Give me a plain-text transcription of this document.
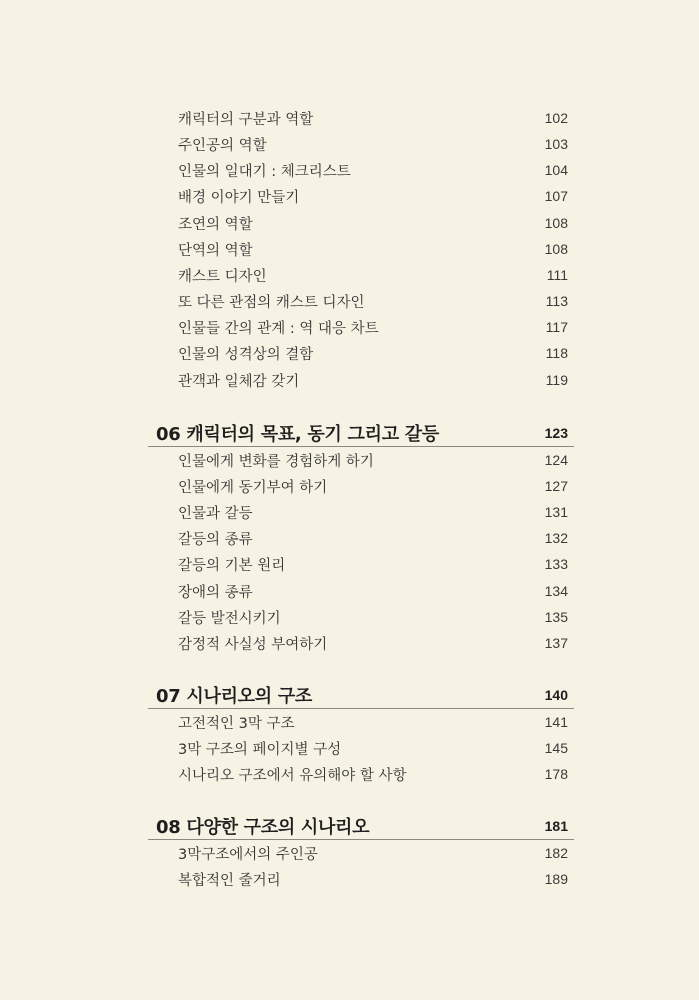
캐릭터의 구분과 역할	102
주인공의 역할	103
인물의 일대기 : 체크리스트	104
배경 이야기 만들기	107
조연의 역할	108
단역의 역할	108
캐스트 디자인	111
또 다른 관점의 캐스트 디자인	113
인물들 간의 관계 : 역 대응 차트	117
인물의 성격상의 결함	118
관객과 일체감 갖기	119
06 캐릭터의 목표, 동기 그리고 갈등	123
인물에게 변화를 경험하게 하기	124
인물에게 동기부여 하기	127
인물과 갈등	131
갈등의 종류	132
갈등의 기본 원리	133
장애의 종류	134
갈등 발전시키기	135
감정적 사실성 부여하기	137
07 시나리오의 구조	140
고전적인 3막 구조	141
3막 구조의 페이지별 구성	145
시나리오 구조에서 유의해야 할 사항	178
08 다양한 구조의 시나리오	181
3막구조에서의 주인공	182
복합적인 줄거리	189
